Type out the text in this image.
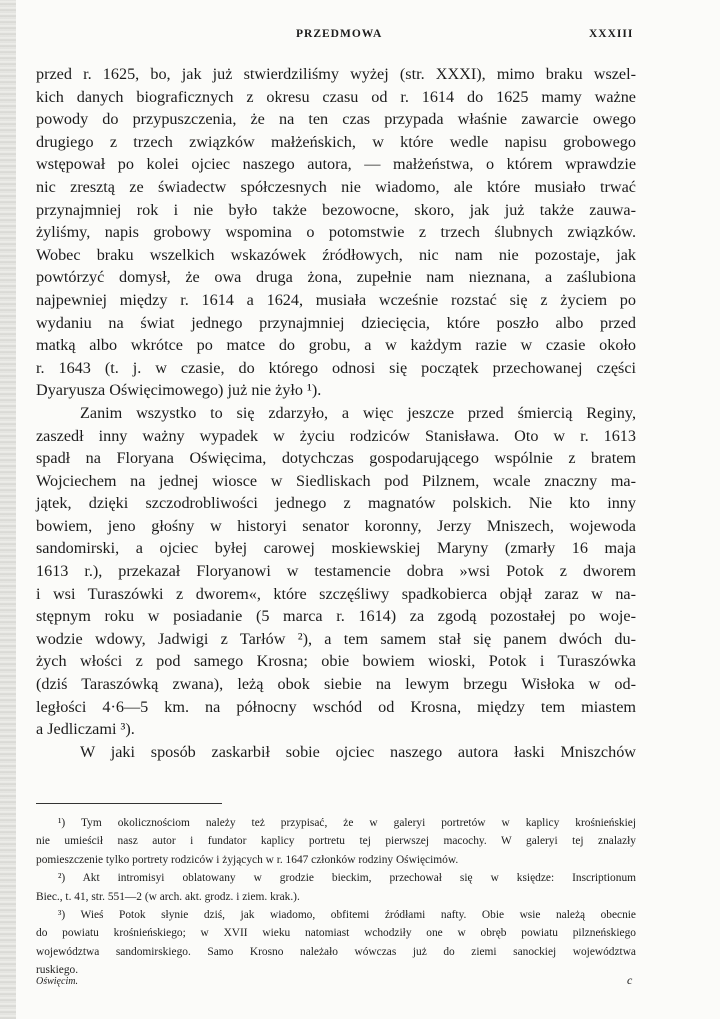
PRZEDMOWA	XXXIII
przed r. 1625, bo, jak już stwierdziliśmy wyżej (str. XXXI), mimo braku wszel-
kich danych biograficznych z okresu czasu od r. 1614 do 1625 mamy ważne
powody do przypuszczenia, że na ten czas przypada właśnie zawarcie owego
drugiego z trzech związków małżeńskich, w które wedle napisu grobowego
wstępował po kolei ojciec naszego autora, — małżeństwa, o którem wprawdzie
nic zresztą ze świadectw spółczesnych nie wiadomo, ale które musiało trwać
przynajmniej rok i nie było także bezowocne, skoro, jak już także zauwa-
żyliśmy, napis grobowy wspomina o potomstwie z trzech ślubnych związków.
Wobec braku wszelkich wskazówek źródłowych, nic nam nie pozostaje, jak
powtórzyć domysł, że owa druga żona, zupełnie nam nieznana, a zaślubiona
najpewniej między r. 1614 a 1624, musiała wcześnie rozstać się z życiem po
wydaniu na świat jednego przynajmniej dziecięcia, które poszło albo przed
matką albo wkrótce po matce do grobu, a w każdym razie w czasie około
r. 1643 (t. j. w czasie, do którego odnosi się początek przechowanej części
Dyaryusza Oświęcimowego) już nie żyło ¹).
Zanim wszystko to się zdarzyło, a więc jeszcze przed śmiercią Reginy,
zaszedł inny ważny wypadek w życiu rodziców Stanisława. Oto w r. 1613
spadł na Floryana Oświęcima, dotychczas gospodarującego wspólnie z bratem
Wojciechem na jednej wiosce w Siedliskach pod Pilznem, wcale znaczny ma-
jątek, dzięki szczodrobliwości jednego z magnatów polskich. Nie kto inny
bowiem, jeno głośny w historyi senator koronny, Jerzy Mniszech, wojewoda
sandomirski, a ojciec byłej carowej moskiewskiej Maryny (zmarły 16 maja
1613 r.), przekazał Floryanowi w testamencie dobra »wsi Potok z dworem
i wsi Turaszówki z dworem«, które szczęśliwy spadkobierca objął zaraz w na-
stępnym roku w posiadanie (5 marca r. 1614) za zgodą pozostałej po woje-
wodzie wdowy, Jadwigi z Tarłów ²), a tem samem stał się panem dwóch du-
żych włości z pod samego Krosna; obie bowiem wioski, Potok i Turaszówka
(dziś Taraszówką zwana), leżą obok siebie na lewym brzegu Wisłoka w od-
ległości 4·6—5 km. na północny wschód od Krosna, między tem miastem
a Jedliczami ³).
W jaki sposób zaskarbił sobie ojciec naszego autora łaski Mniszchów
¹) Tym okolicznościom należy też przypisać, że w galeryi portretów w kaplicy krośnieńskiej
nie umieścił nasz autor i fundator kaplicy portretu tej pierwszej macochy. W galeryi tej znalazły
pomieszczenie tylko portrety rodziców i żyjących w r. 1647 członków rodziny Oświęcimów.
²) Akt intromisyi oblatowany w grodzie bieckim, przechował się w księdze: Inscriptionum
Biec., t. 41, str. 551—2 (w arch. akt. grodz. i ziem. krak.).
³) Wieś Potok słynie dziś, jak wiadomo, obfitemi źródłami nafty. Obie wsie należą obecnie
do powiatu krośnieńskiego; w XVII wieku natomiast wchodziły one w obręb powiatu pilzneńskiego
województwa sandomirskiego. Samo Krosno należało wówczas już do ziemi sanockiej województwa
ruskiego.
Oświęcim.	c
